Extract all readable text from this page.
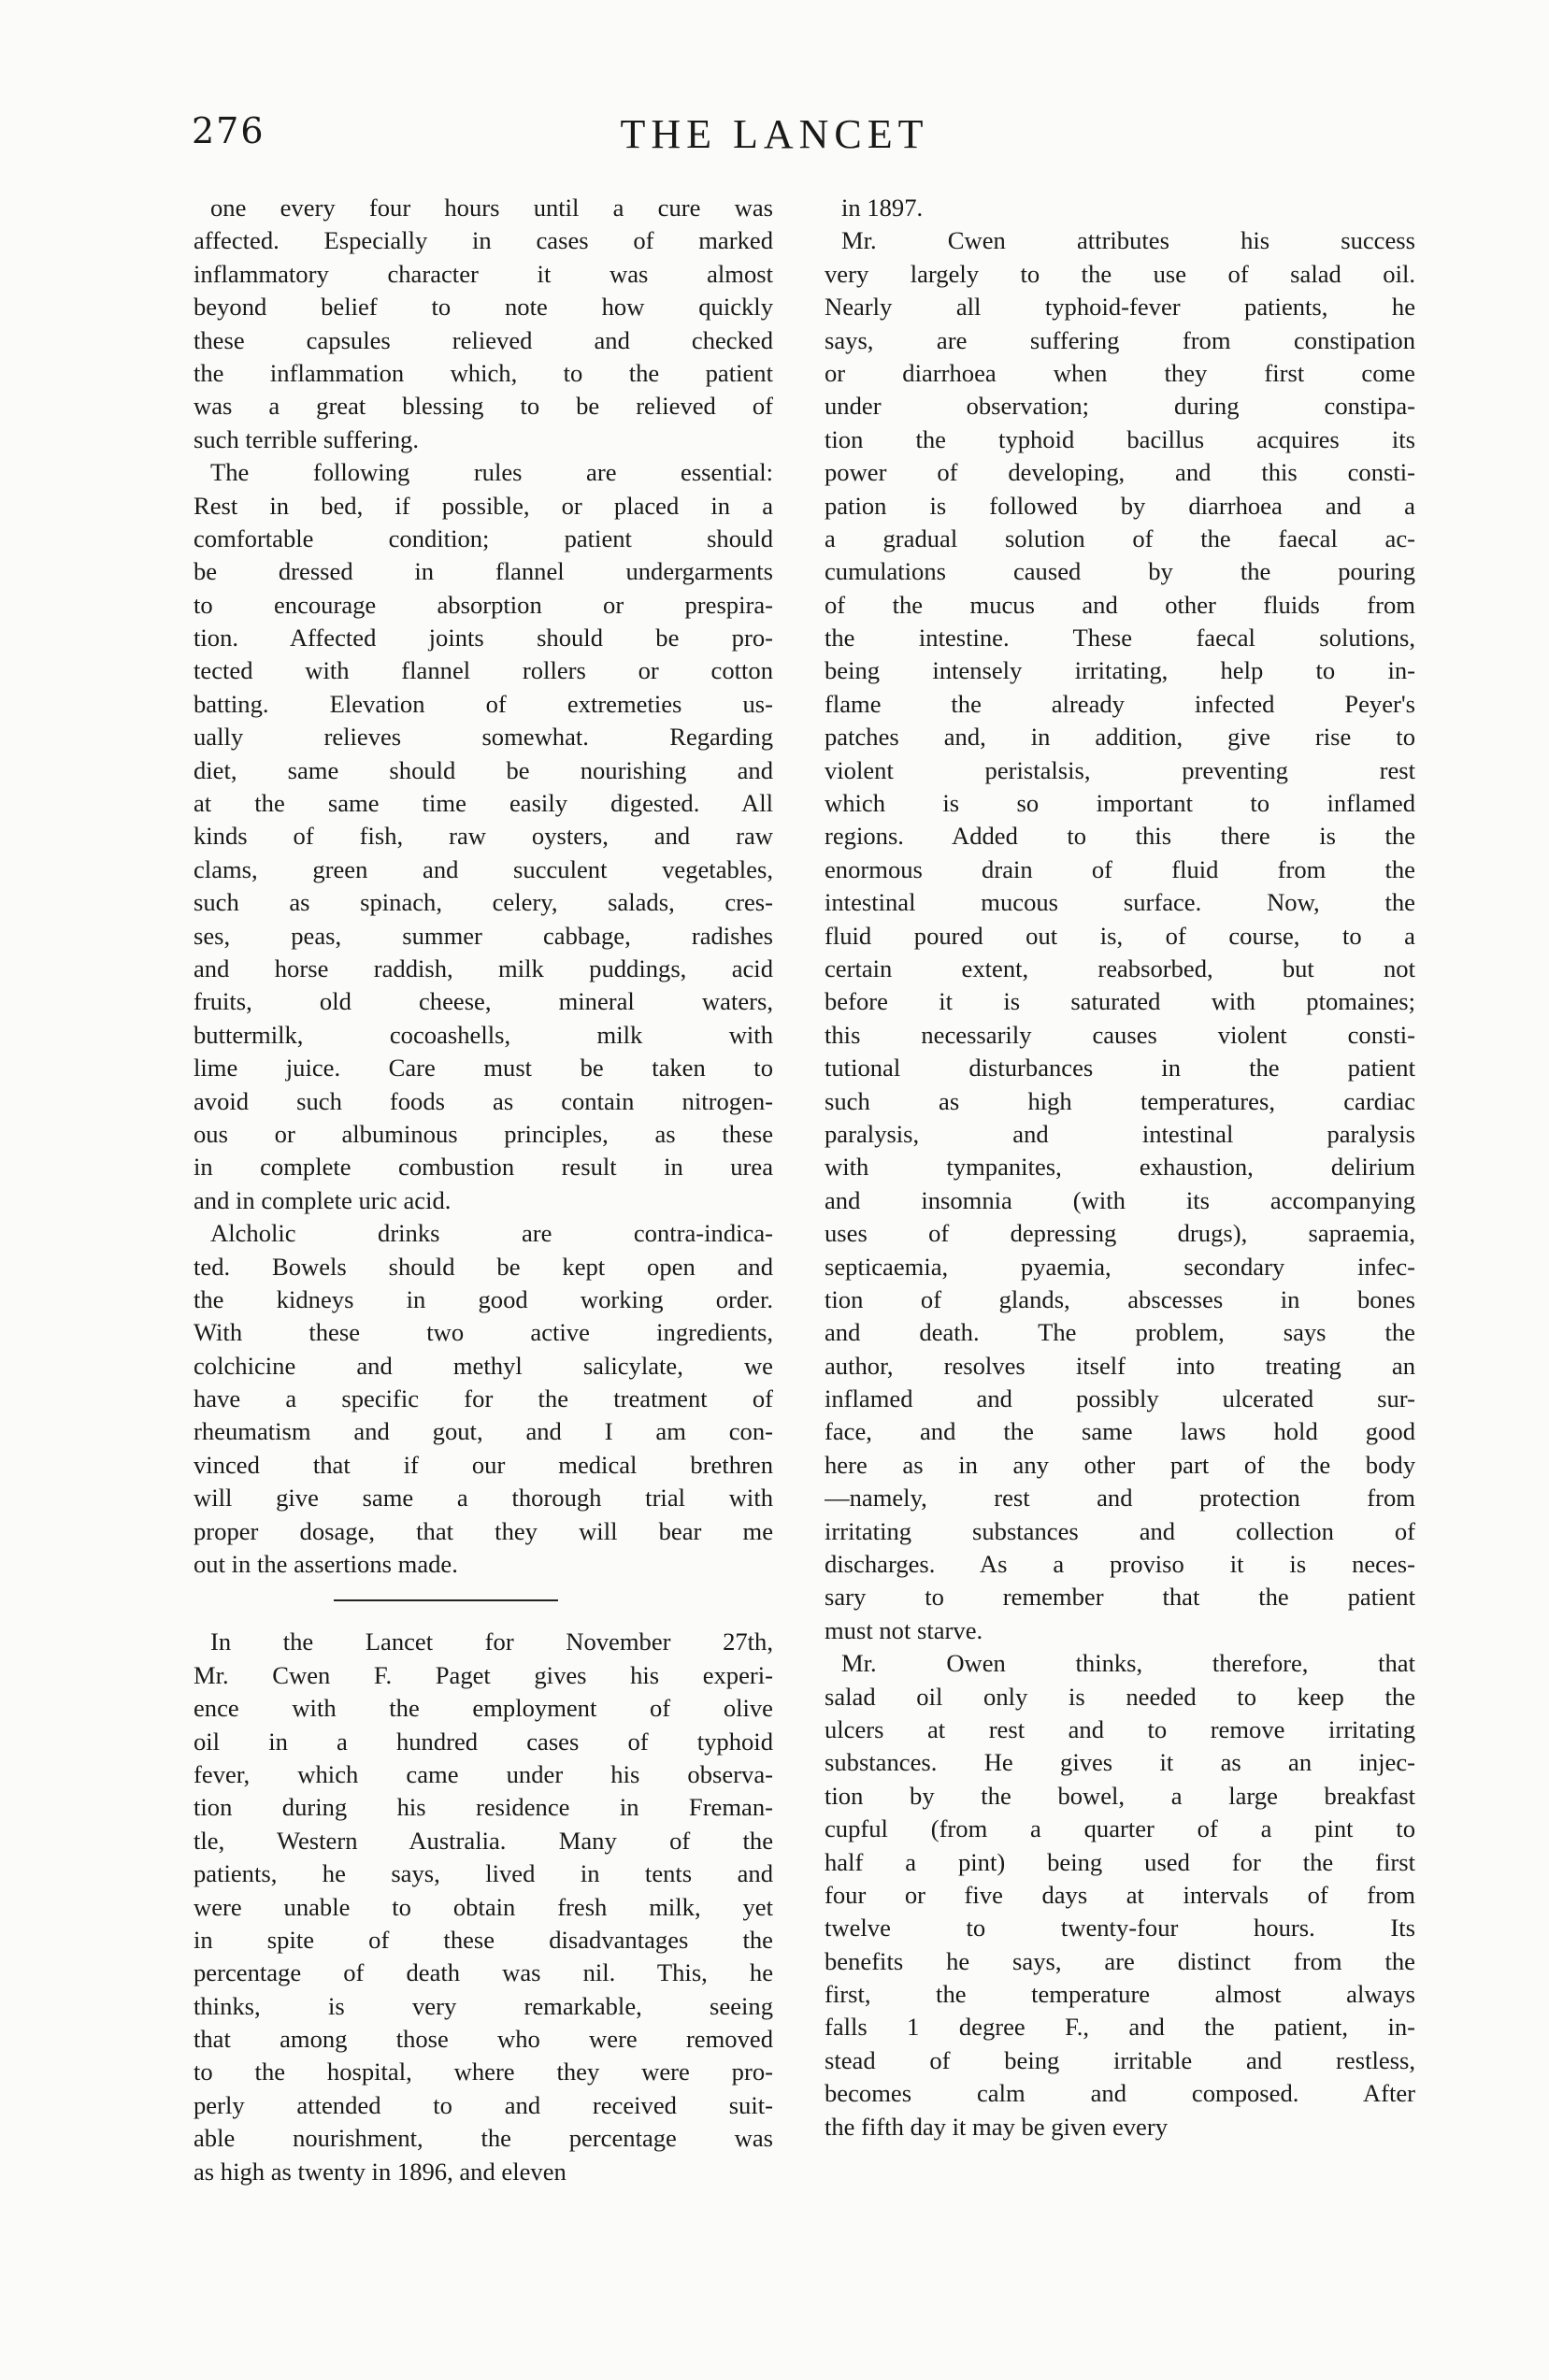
276	THE LANCET
one every four hours until a cure was
affected. Especially in cases of marked
inflammatory character it was almost
beyond belief to note how quickly
these capsules relieved and checked
the inflammation which, to the patient
was a great blessing to be relieved of
such terrible suffering.
The following rules are essential:
Rest in bed, if possible, or placed in a
comfortable condition; patient should
be dressed in flannel undergarments
to encourage absorption or prespira-
tion. Affected joints should be pro-
tected with flannel rollers or cotton
batting. Elevation of extremeties us-
ually relieves somewhat. Regarding
diet, same should be nourishing and
at the same time easily digested. All
kinds of fish, raw oysters, and raw
clams, green and succulent vegetables,
such as spinach, celery, salads, cres-
ses, peas, summer cabbage, radishes
and horse raddish, milk puddings, acid
fruits, old cheese, mineral waters,
buttermilk, cocoashells, milk with
lime juice. Care must be taken to
avoid such foods as contain nitrogen-
ous or albuminous principles, as these
in complete combustion result in urea
and in complete uric acid.
Alcholic drinks are contra-indica-
ted. Bowels should be kept open and
the kidneys in good working order.
With these two active ingredients,
colchicine and methyl salicylate, we
have a specific for the treatment of
rheumatism and gout, and I am con-
vinced that if our medical brethren
will give same a thorough trial with
proper dosage, that they will bear me
out in the assertions made.
In the Lancet for November 27th,
Mr. Cwen F. Paget gives his experi-
ence with the employment of olive
oil in a hundred cases of typhoid
fever, which came under his observa-
tion during his residence in Freman-
tle, Western Australia. Many of the
patients, he says, lived in tents and
were unable to obtain fresh milk, yet
in spite of these disadvantages the
percentage of death was nil. This, he
thinks, is very remarkable, seeing
that among those who were removed
to the hospital, where they were pro-
perly attended to and received suit-
able nourishment, the percentage was
as high as twenty in 1896, and eleven
in 1897.
Mr. Cwen attributes his success
very largely to the use of salad oil.
Nearly all typhoid-fever patients, he
says, are suffering from constipation
or diarrhoea when they first come
under observation; during constipa-
tion the typhoid bacillus acquires its
power of developing, and this consti-
pation is followed by diarrhoea and a
a gradual solution of the faecal ac-
cumulations caused by the pouring
of the mucus and other fluids from
the intestine. These faecal solutions,
being intensely irritating, help to in-
flame the already infected Peyer's
patches and, in addition, give rise to
violent peristalsis, preventing rest
which is so important to inflamed
regions. Added to this there is the
enormous drain of fluid from the
intestinal mucous surface. Now, the
fluid poured out is, of course, to a
certain extent, reabsorbed, but not
before it is saturated with ptomaines;
this necessarily causes violent consti-
tutional disturbances in the patient
such as high temperatures, cardiac
paralysis, and intestinal paralysis
with tympanites, exhaustion, delirium
and insomnia (with its accompanying
uses of depressing drugs), sapraemia,
septicaemia, pyaemia, secondary infec-
tion of glands, abscesses in bones
and death. The problem, says the
author, resolves itself into treating an
inflamed and possibly ulcerated sur-
face, and the same laws hold good
here as in any other part of the body
—namely, rest and protection from
irritating substances and collection of
discharges. As a proviso it is neces-
sary to remember that the patient
must not starve.
Mr. Owen thinks, therefore, that
salad oil only is needed to keep the
ulcers at rest and to remove irritating
substances. He gives it as an injec-
tion by the bowel, a large breakfast
cupful (from a quarter of a pint to
half a pint) being used for the first
four or five days at intervals of from
twelve to twenty-four hours. Its
benefits he says, are distinct from the
first, the temperature almost always
falls 1 degree F., and the patient, in-
stead of being irritable and restless,
becomes calm and composed. After
the fifth day it may be given every
